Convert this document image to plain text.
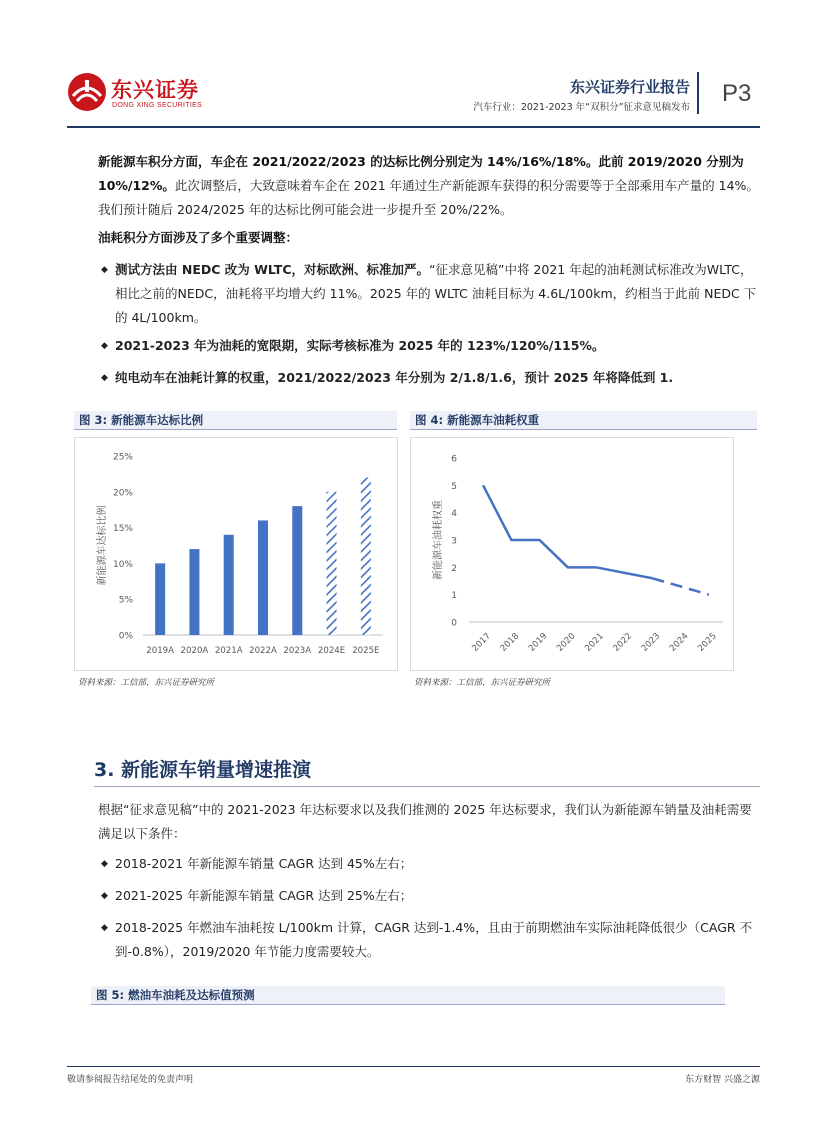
东兴证券
DONG XING SECURITIES
东兴证券行业报告
汽车行业：2021-2023 年“双积分”征求意见稿发布
P3
新能源车积分方面，车企在 2021/2022/2023 的达标比例分别定为 14%/16%/18%。此前 2019/2020 分别为 10%/12%。此次调整后，大致意味着车企在 2021 年通过生产新能源车获得的积分需要等于全部乘用车产量的 14%。我们预计随后 2024/2025 年的达标比例可能会进一步提升至 20%/22%。
油耗积分方面涉及了多个重要调整：
◆ 测试方法由 NEDC 改为 WLTC，对标欧洲、标准加严。“征求意见稿”中将 2021 年起的油耗测试标准改为WLTC，相比之前的NEDC，油耗将平均增大约 11%。2025 年的 WLTC 油耗目标为 4.6L/100km，约相当于此前 NEDC 下的 4L/100km。
◆ 2021-2023 年为油耗的宽限期，实际考核标准为 2025 年的 123%/120%/115%。
◆ 纯电动车在油耗计算的权重，2021/2022/2023 年分别为 2/1.8/1.6，预计 2025 年将降低到 1.
图 3: 新能源车达标比例
0%
5%
10%
15%
20%
25%
新能源车达标比例
2019A 2020A 2021A 2022A 2023A 2024E 2025E
资料来源：工信部，东兴证券研究所
图 4: 新能源车油耗权重
0
1
2
3
4
5
6
新能源车油耗权重
2017 2018 2019 2020 2021 2022 2023 2024 2025
资料来源：工信部，东兴证券研究所
3. 新能源车销量增速推演
根据“征求意见稿”中的 2021-2023 年达标要求以及我们推测的 2025 年达标要求，我们认为新能源车销量及油耗需要满足以下条件：
◆ 2018-2021 年新能源车销量 CAGR 达到 45%左右；
◆ 2021-2025 年新能源车销量 CAGR 达到 25%左右；
◆ 2018-2025 年燃油车油耗按 L/100km 计算，CAGR 达到-1.4%，且由于前期燃油车实际油耗降低很少（CAGR 不到-0.8%），2019/2020 年节能力度需要较大。
图 5: 燃油车油耗及达标值预测
敬请参阅报告结尾处的免责声明	东方财智 兴盛之源
